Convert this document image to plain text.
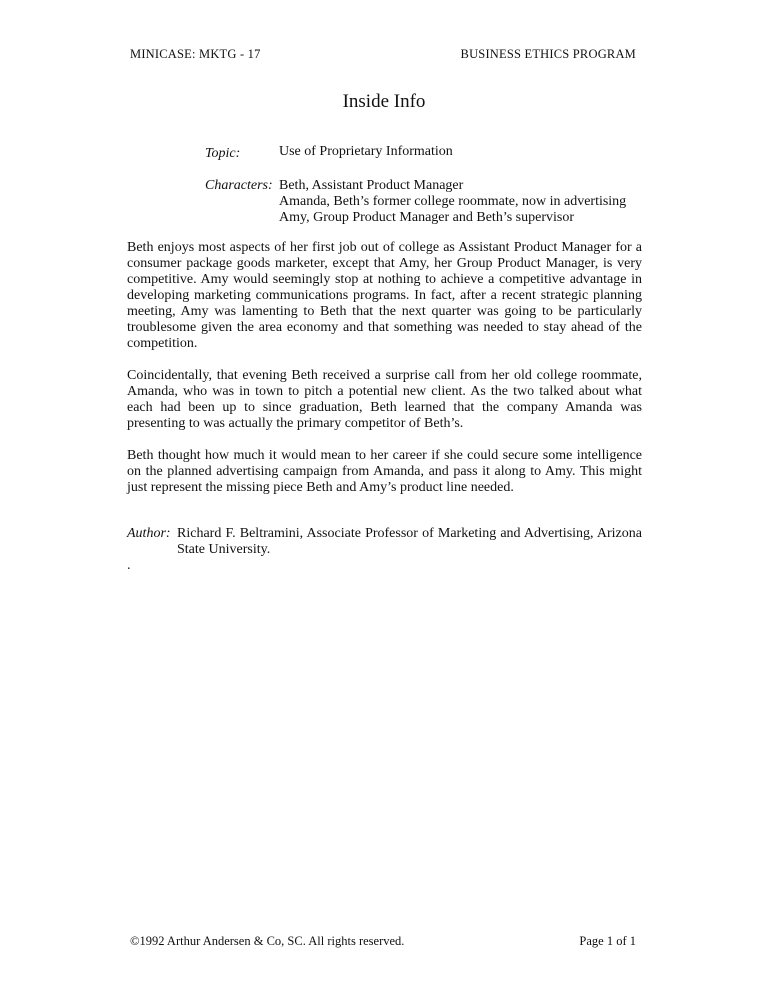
MINICASE: MKTG - 17	BUSINESS ETHICS PROGRAM
Inside Info
Topic:	Use of Proprietary Information
Characters: Beth, Assistant Product Manager
Amanda, Beth’s former college roommate, now in advertising
Amy, Group Product Manager and Beth’s supervisor

Beth enjoys most aspects of her first job out of college as Assistant Product Manager for a consumer package goods marketer, except that Amy, her Group Product Manager, is very competitive. Amy would seemingly stop at nothing to achieve a competitive advantage in developing marketing communications programs. In fact, after a recent strategic planning meeting, Amy was lamenting to Beth that the next quarter was going to be particularly troublesome given the area economy and that something was needed to stay ahead of the competition.

Coincidentally, that evening Beth received a surprise call from her old college roommate, Amanda, who was in town to pitch a potential new client. As the two talked about what each had been up to since graduation, Beth learned that the company Amanda was presenting to was actually the primary competitor of Beth’s.

Beth thought how much it would mean to her career if she could secure some intelligence on the planned advertising campaign from Amanda, and pass it along to Amy. This might just represent the missing piece Beth and Amy’s product line needed.

Author: Richard F. Beltramini, Associate Professor of Marketing and Advertising, Arizona State University.
.
©1992 Arthur Andersen & Co, SC. All rights reserved.	Page 1 of 1
